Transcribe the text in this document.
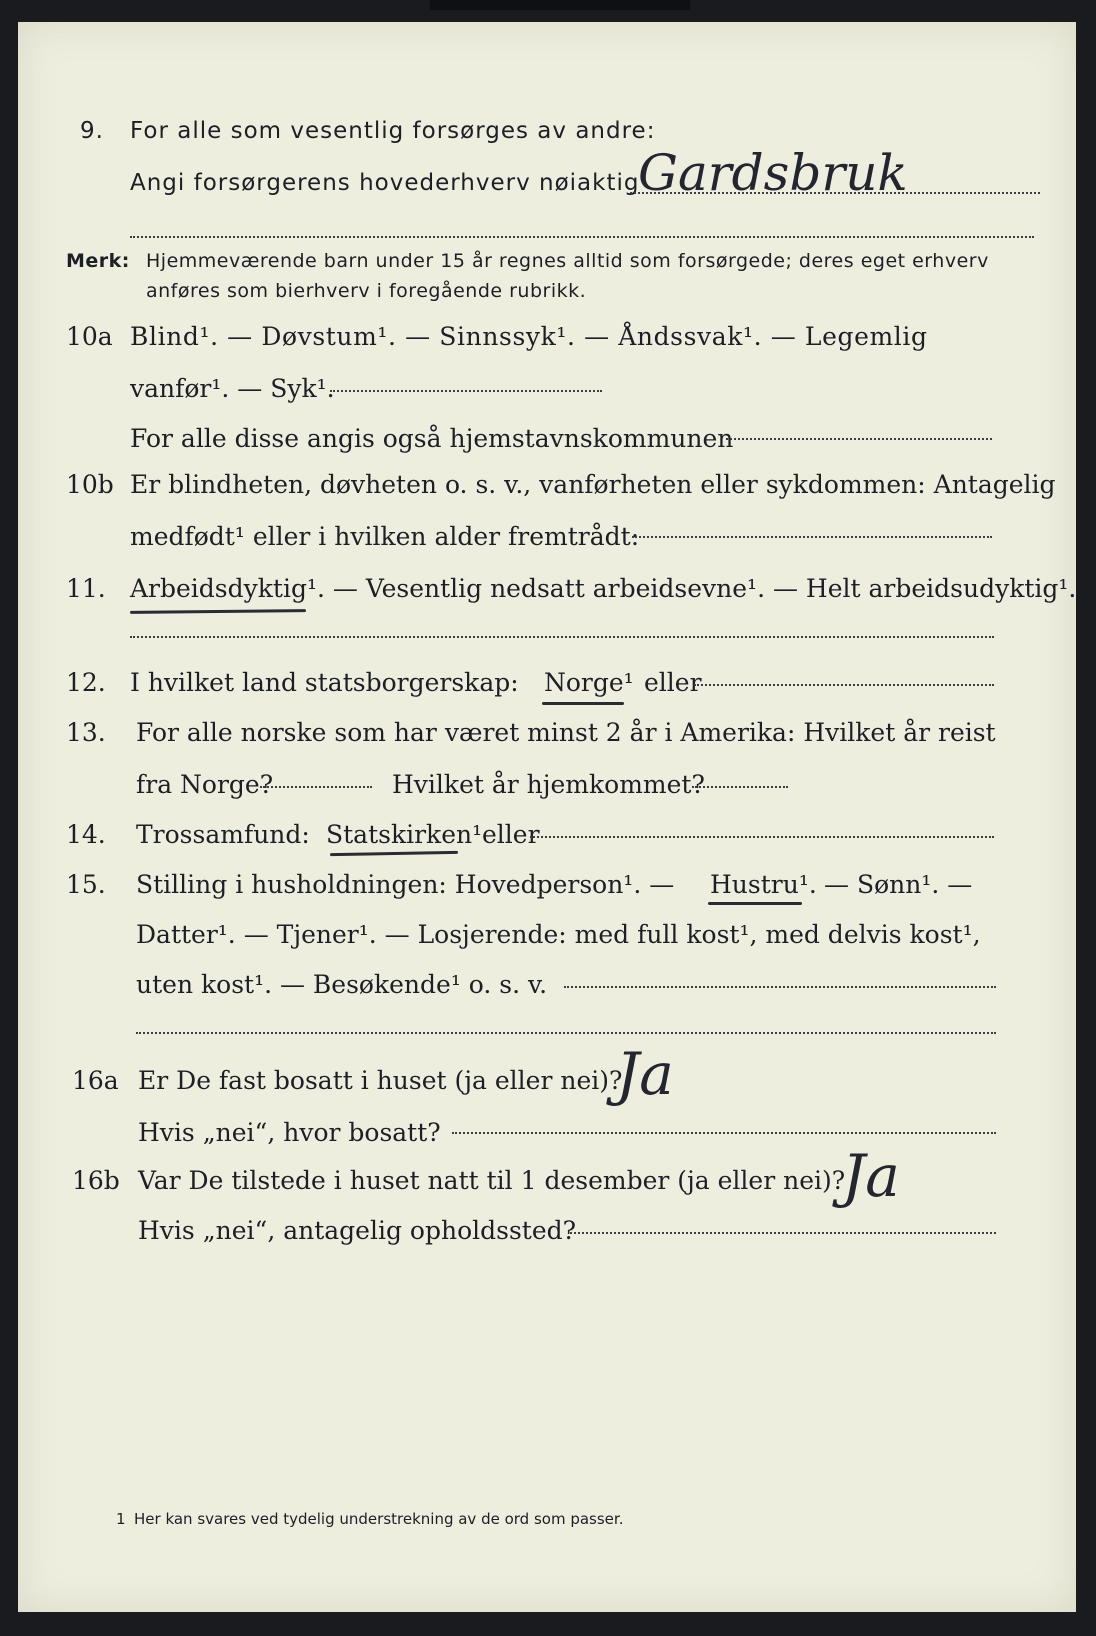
9. For alle som vesentlig forsørges av andre:
Angi forsørgerens hovederhverv nøiaktig
Gardsbruk
Merk: Hjemmeværende barn under 15 år regnes alltid som forsørgede; deres eget erhverv
anføres som bierhverv i foregående rubrikk.
10a Blind¹. — Døvstum¹. — Sinnssyk¹. — Åndssvak¹. — Legemlig
vanfør¹. — Syk¹.
For alle disse angis også hjemstavnskommunen
10b Er blindheten, døvheten o. s. v., vanførheten eller sykdommen: Antagelig
medfødt¹ eller i hvilken alder fremtrådt:
11. Arbeidsdyktig¹. — Vesentlig nedsatt arbeidsevne¹. — Helt arbeidsudyktig¹.
12. I hvilket land statsborgerskap: Norge¹ eller
13. For alle norske som har været minst 2 år i Amerika: Hvilket år reist
fra Norge?	Hvilket år hjemkommet?
14. Trossamfund: Statskirken¹ eller
15. Stilling i husholdningen: Hovedperson¹. — Hustru¹. — Sønn¹. —
Datter¹. — Tjener¹. — Losjerende: med full kost¹, med delvis kost¹,
uten kost¹. — Besøkende¹ o. s. v.
16a Er De fast bosatt i huset (ja eller nei)?
Ja
Hvis „nei“, hvor bosatt?
16b Var De tilstede i huset natt til 1 desember (ja eller nei)?
Ja
Hvis „nei“, antagelig opholdssted?
1 Her kan svares ved tydelig understrekning av de ord som passer.
